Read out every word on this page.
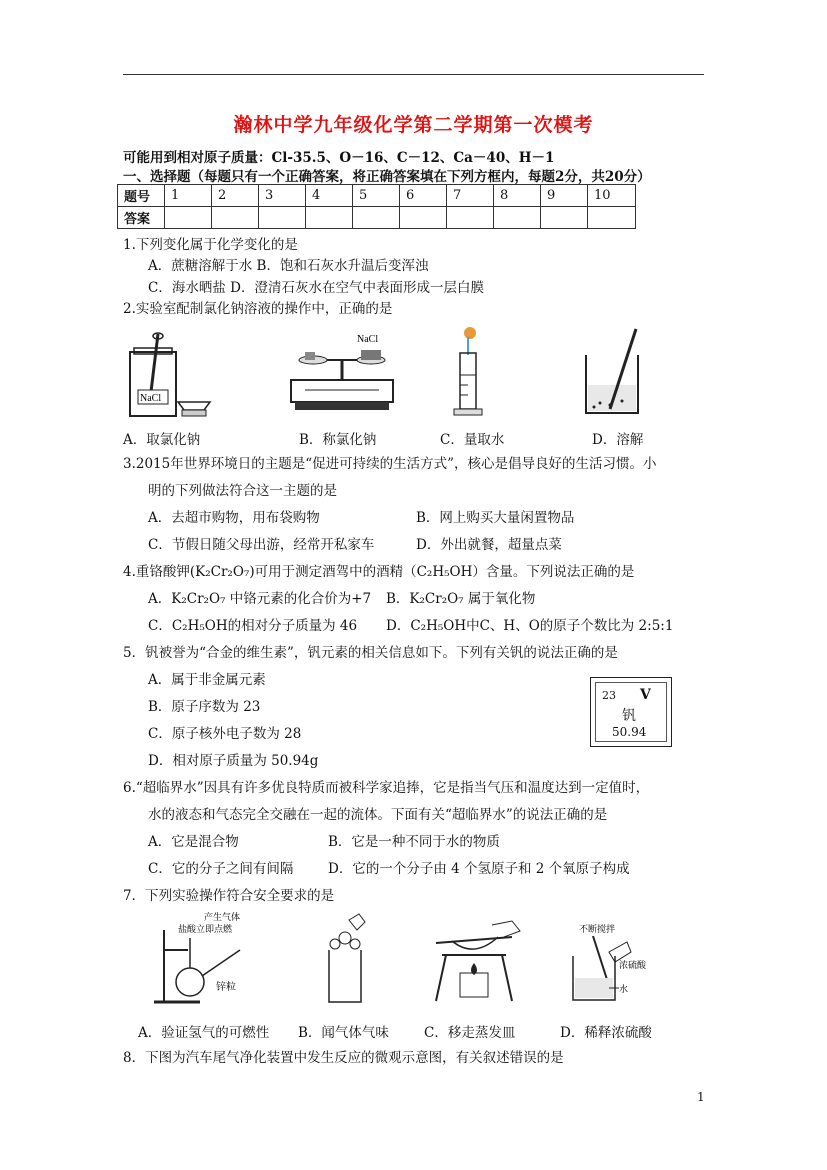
瀚林中学九年级化学第二学期第一次模考
可能用到相对原子质量：Cl-35.5、O－16、C－12、Ca－40、H－1
一、选择题（每题只有一个正确答案，将正确答案填在下列方框内，每题2分，共20分）
题号	1	2	3	4	5	6	7	8	9	10
答案										
1.下列变化属于化学变化的是
A．蔗糖溶解于水 B．饱和石灰水升温后变浑浊
C．海水晒盐 D．澄清石灰水在空气中表面形成一层白膜
2.实验室配制氯化钠溶液的操作中，正确的是
NaCl
NaCl
A．取氯化钠	B．称氯化钠	C．量取水	D．溶解
3.2015年世界环境日的主题是“促进可持续的生活方式”，核心是倡导良好的生活习惯。小
明的下列做法符合这一主题的是
A．去超市购物，用布袋购物	B．网上购买大量闲置物品
C．节假日随父母出游，经常开私家车	D．外出就餐，超量点菜
4.重铬酸钾(K₂Cr₂O₇)可用于测定酒驾中的酒精（C₂H₅OH）含量。下列说法正确的是
A．K₂Cr₂O₇ 中铬元素的化合价为+7 B．K₂Cr₂O₇ 属于氧化物
C．C₂H₅OH的相对分子质量为 46 D．C₂H₅OH中C、H、O的原子个数比为 2:5:1
5．钒被誉为“合金的维生素”，钒元素的相关信息如下。下列有关钒的说法正确的是
A．属于非金属元素
B．原子序数为 23
C．原子核外电子数为 28
D．相对原子质量为 50.94g
23 V
钒
50.94
6.“超临界水”因具有许多优良特质而被科学家追捧，它是指当气压和温度达到一定值时，
水的液态和气态完全交融在一起的流体。下面有关“超临界水”的说法正确的是
A．它是混合物	B．它是一种不同于水的物质
C．它的分子之间有间隔	D．它的一个分子由 4 个氢原子和 2 个氧原子构成
7．下列实验操作符合安全要求的是
产生气体
盐酸立即点燃
锌粒
不断搅拌
浓硫酸
水
A．验证氢气的可燃性 B．闻气体气味	C．移走蒸发皿	D．稀释浓硫酸
8．下图为汽车尾气净化装置中发生反应的微观示意图，有关叙述错误的是
1
